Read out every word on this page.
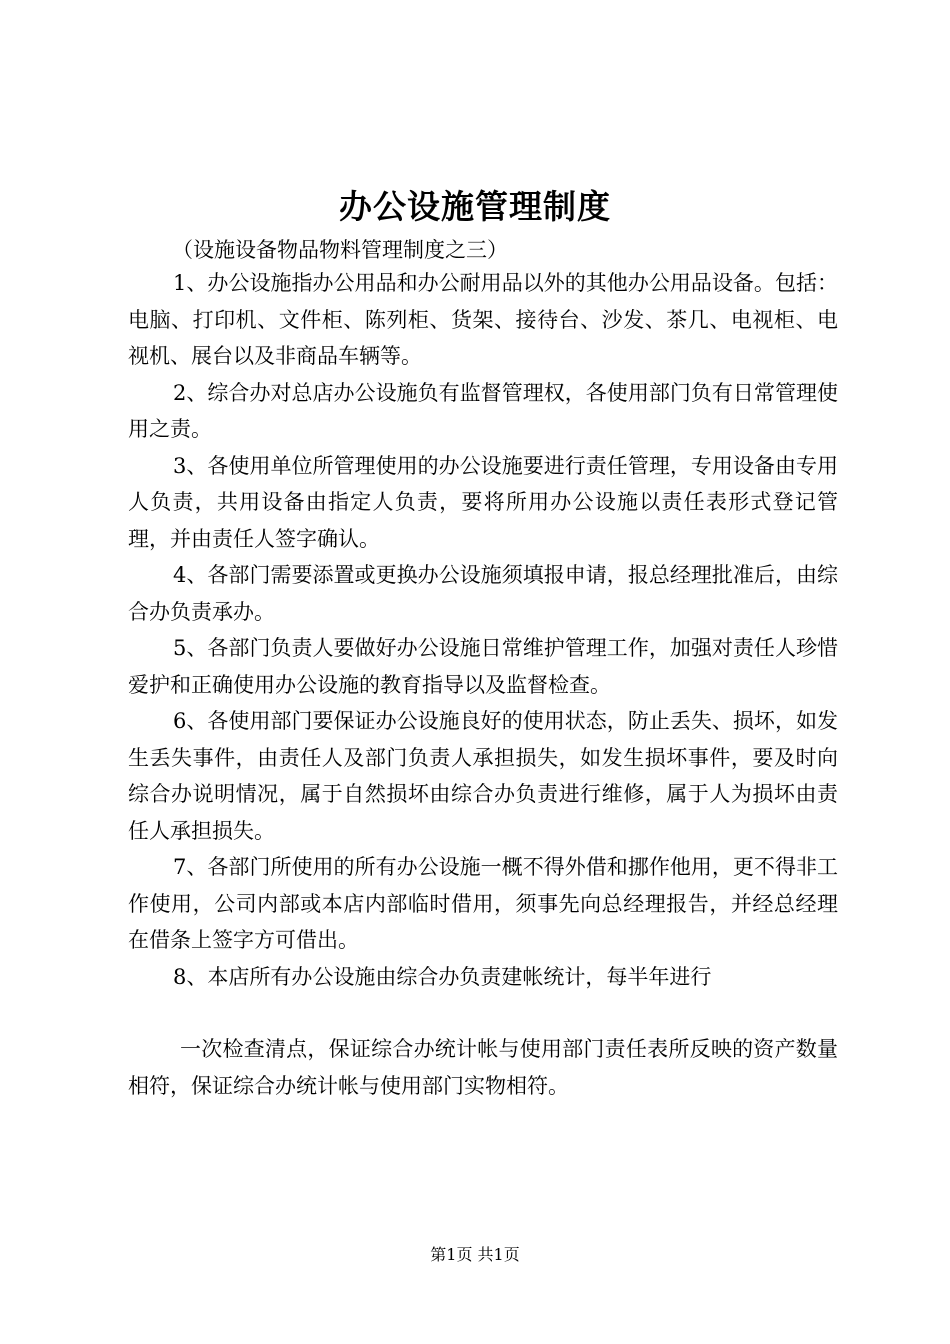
办公设施管理制度
（设施设备物品物料管理制度之三）

1、办公设施指办公用品和办公耐用品以外的其他办公用品设备。包括：电脑、打印机、文件柜、陈列柜、货架、接待台、沙发、茶几、电视柜、电视机、展台以及非商品车辆等。

2、综合办对总店办公设施负有监督管理权，各使用部门负有日常管理使用之责。

3、各使用单位所管理使用的办公设施要进行责任管理，专用设备由专用人负责，共用设备由指定人负责，要将所用办公设施以责任表形式登记管理，并由责任人签字确认。

4、各部门需要添置或更换办公设施须填报申请，报总经理批准后，由综合办负责承办。

5、各部门负责人要做好办公设施日常维护管理工作，加强对责任人珍惜爱护和正确使用办公设施的教育指导以及监督检查。

6、各使用部门要保证办公设施良好的使用状态，防止丢失、损坏，如发生丢失事件，由责任人及部门负责人承担损失，如发生损坏事件，要及时向综合办说明情况，属于自然损坏由综合办负责进行维修，属于人为损坏由责任人承担损失。

7、各部门所使用的所有办公设施一概不得外借和挪作他用，更不得非工作使用，公司内部或本店内部临时借用，须事先向总经理报告，并经总经理在借条上签字方可借出。

8、本店所有办公设施由综合办负责建帐统计，每半年进行

一次检查清点，保证综合办统计帐与使用部门责任表所反映的资产数量相符，保证综合办统计帐与使用部门实物相符。

第1页 共1页
